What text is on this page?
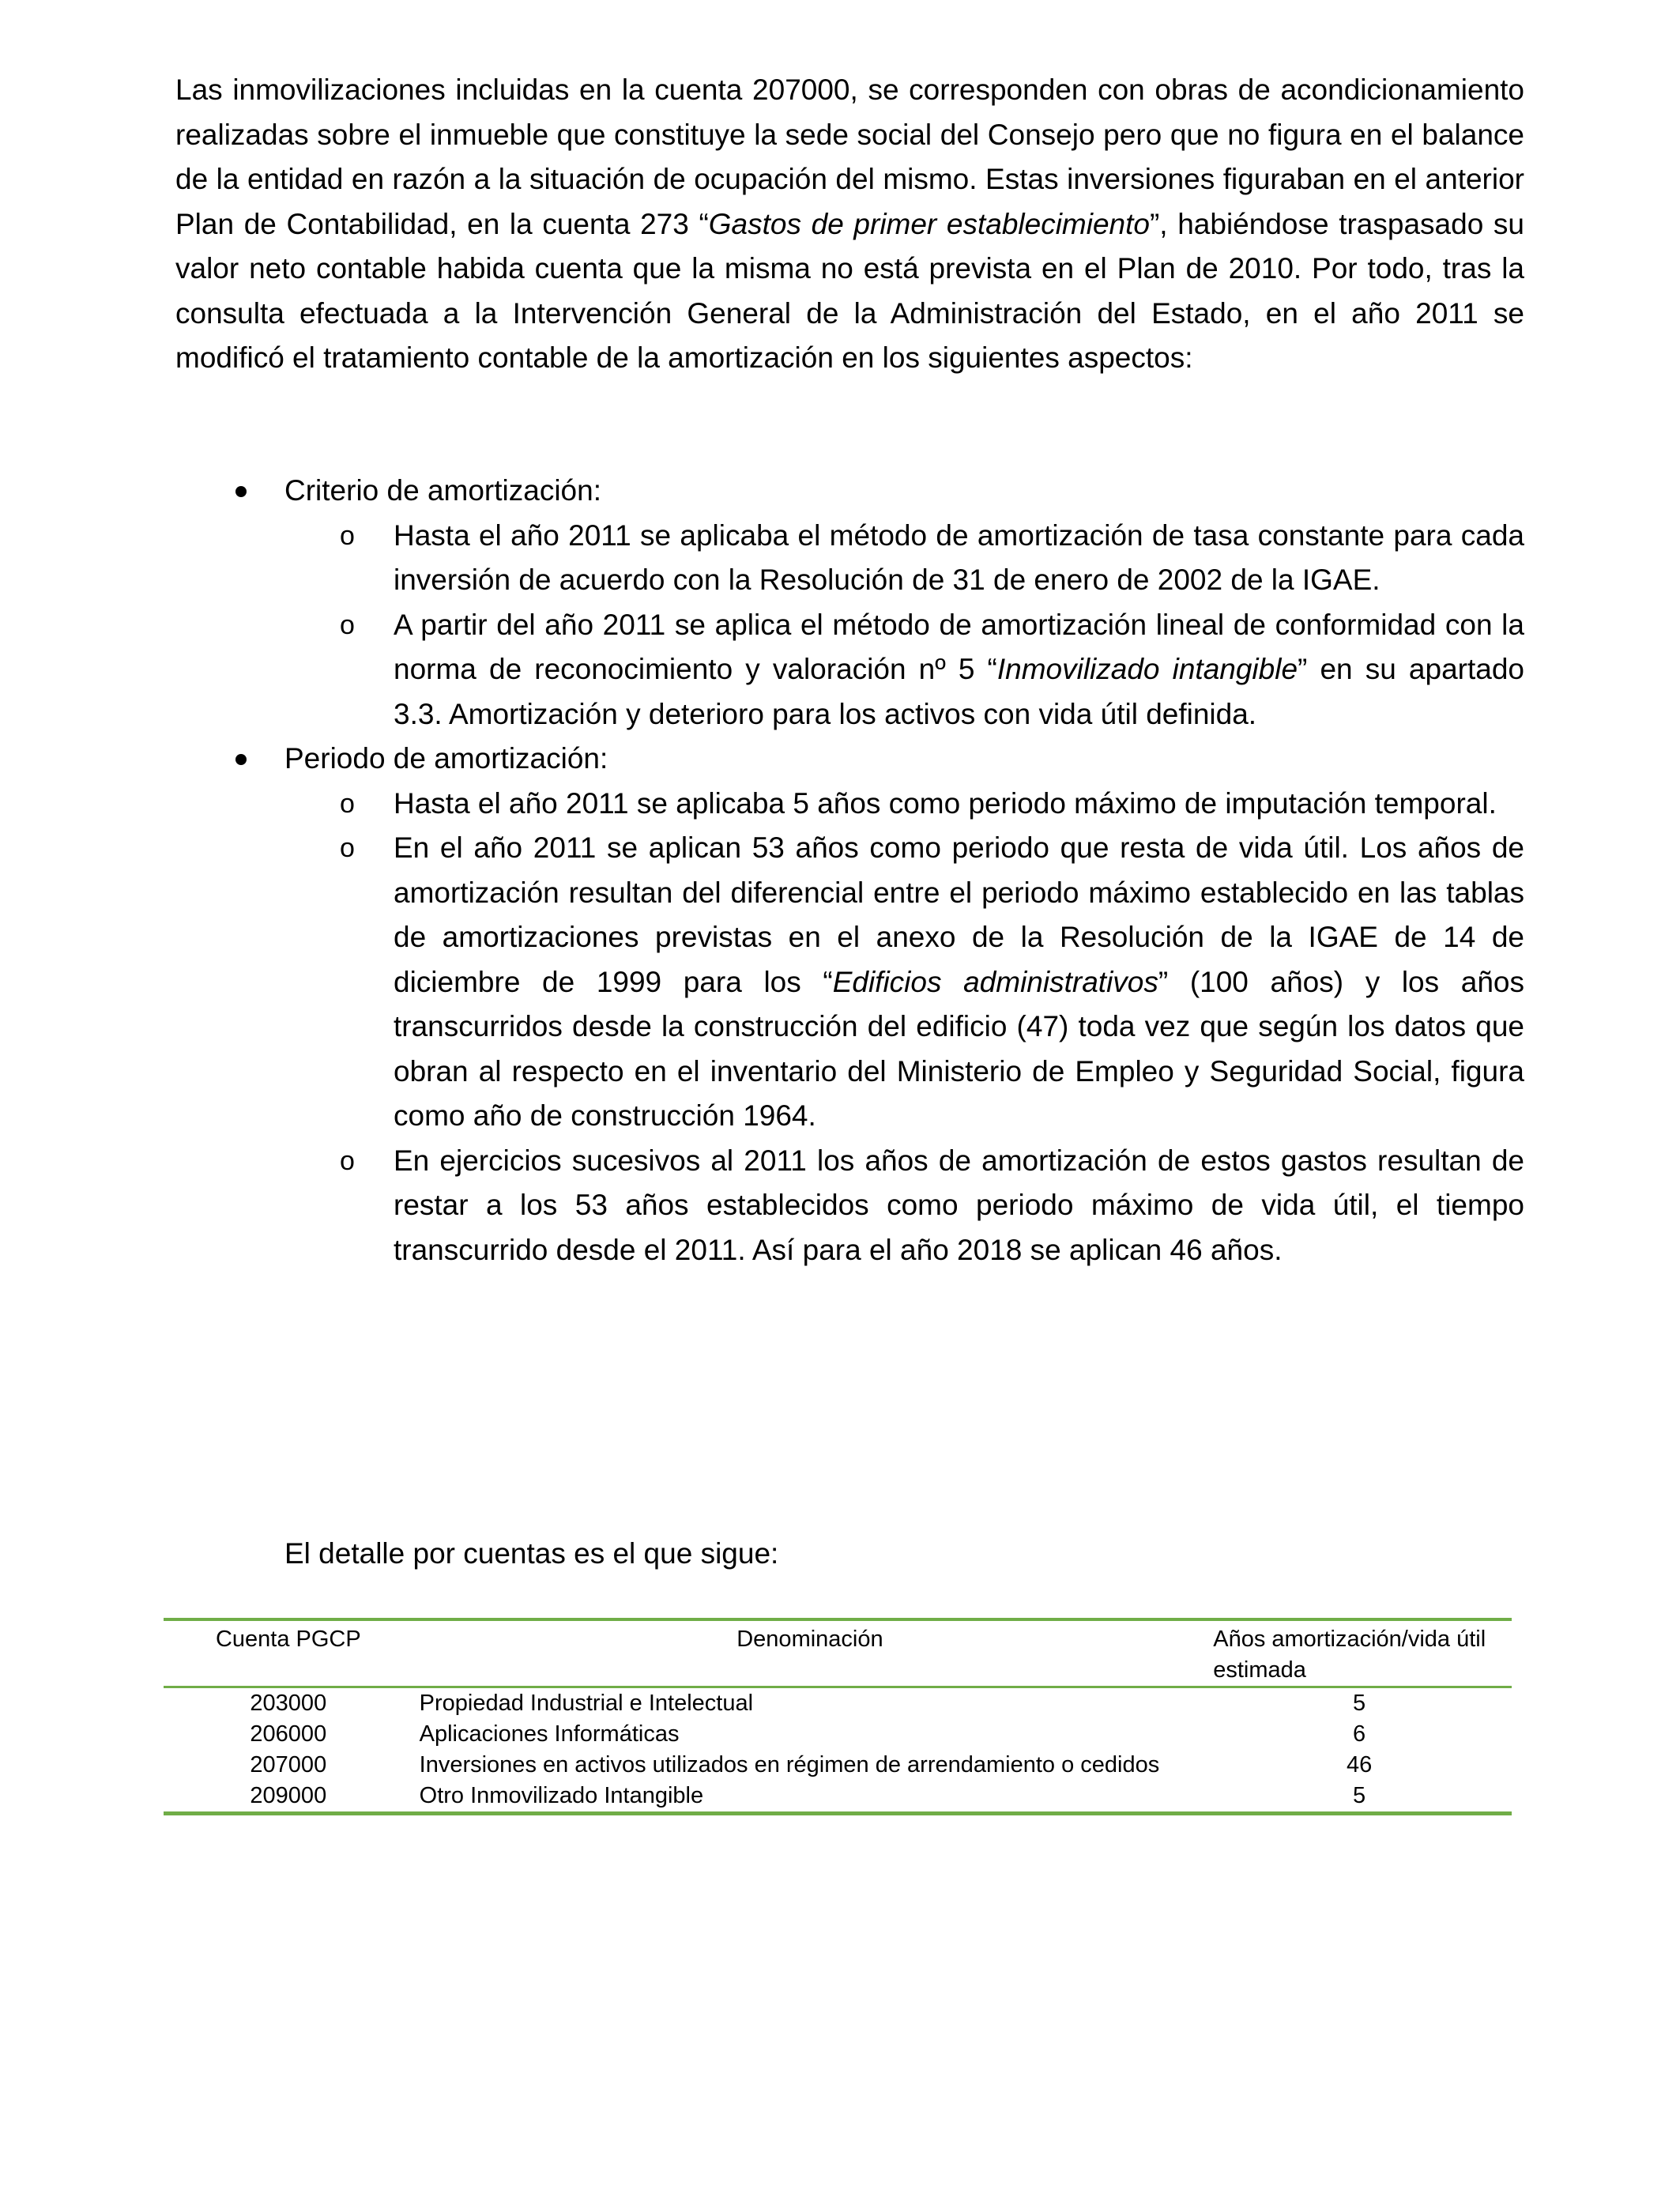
Las inmovilizaciones incluidas en la cuenta 207000, se corresponden con obras de acondicionamiento realizadas sobre el inmueble que constituye la sede social del Consejo pero que no figura en el balance de la entidad en razón a la situación de ocupación del mismo. Estas inversiones figuraban en el anterior Plan de Contabilidad, en la cuenta 273 “Gastos de primer establecimiento”, habiéndose traspasado su valor neto contable habida cuenta que la misma no está prevista en el Plan de 2010. Por todo, tras la consulta efectuada a la Intervención General de la Administración del Estado, en el año 2011 se modificó el tratamiento contable de la amortización en los siguientes aspectos:

Criterio de amortización:
o Hasta el año 2011 se aplicaba el método de amortización de tasa constante para cada inversión de acuerdo con la Resolución de 31 de enero de 2002 de la IGAE.
o A partir del año 2011 se aplica el método de amortización lineal de conformidad con la norma de reconocimiento y valoración nº 5 “Inmovilizado intangible” en su apartado 3.3. Amortización y deterioro para los activos con vida útil definida.
Periodo de amortización:
o Hasta el año 2011 se aplicaba 5 años como periodo máximo de imputación temporal.
o En el año 2011 se aplican 53 años como periodo que resta de vida útil. Los años de amortización resultan del diferencial entre el periodo máximo establecido en las tablas de amortizaciones previstas en el anexo de la Resolución de la IGAE de 14 de diciembre de 1999 para los “Edificios administrativos” (100 años) y los años transcurridos desde la construcción del edificio (47) toda vez que según los datos que obran al respecto en el inventario del Ministerio de Empleo y Seguridad Social, figura como año de construcción 1964.
o En ejercicios sucesivos al 2011 los años de amortización de estos gastos resultan de restar a los 53 años establecidos como periodo máximo de vida útil, el tiempo transcurrido desde el 2011. Así para el año 2018 se aplican 46 años.
El detalle por cuentas es el que sigue:
Cuenta PGCP	Denominación	Años amortización/vida útil estimada
203000	Propiedad Industrial e Intelectual	5
206000	Aplicaciones Informáticas	6
207000	Inversiones en activos utilizados en régimen de arrendamiento o cedidos	46
209000	Otro Inmovilizado Intangible	5
